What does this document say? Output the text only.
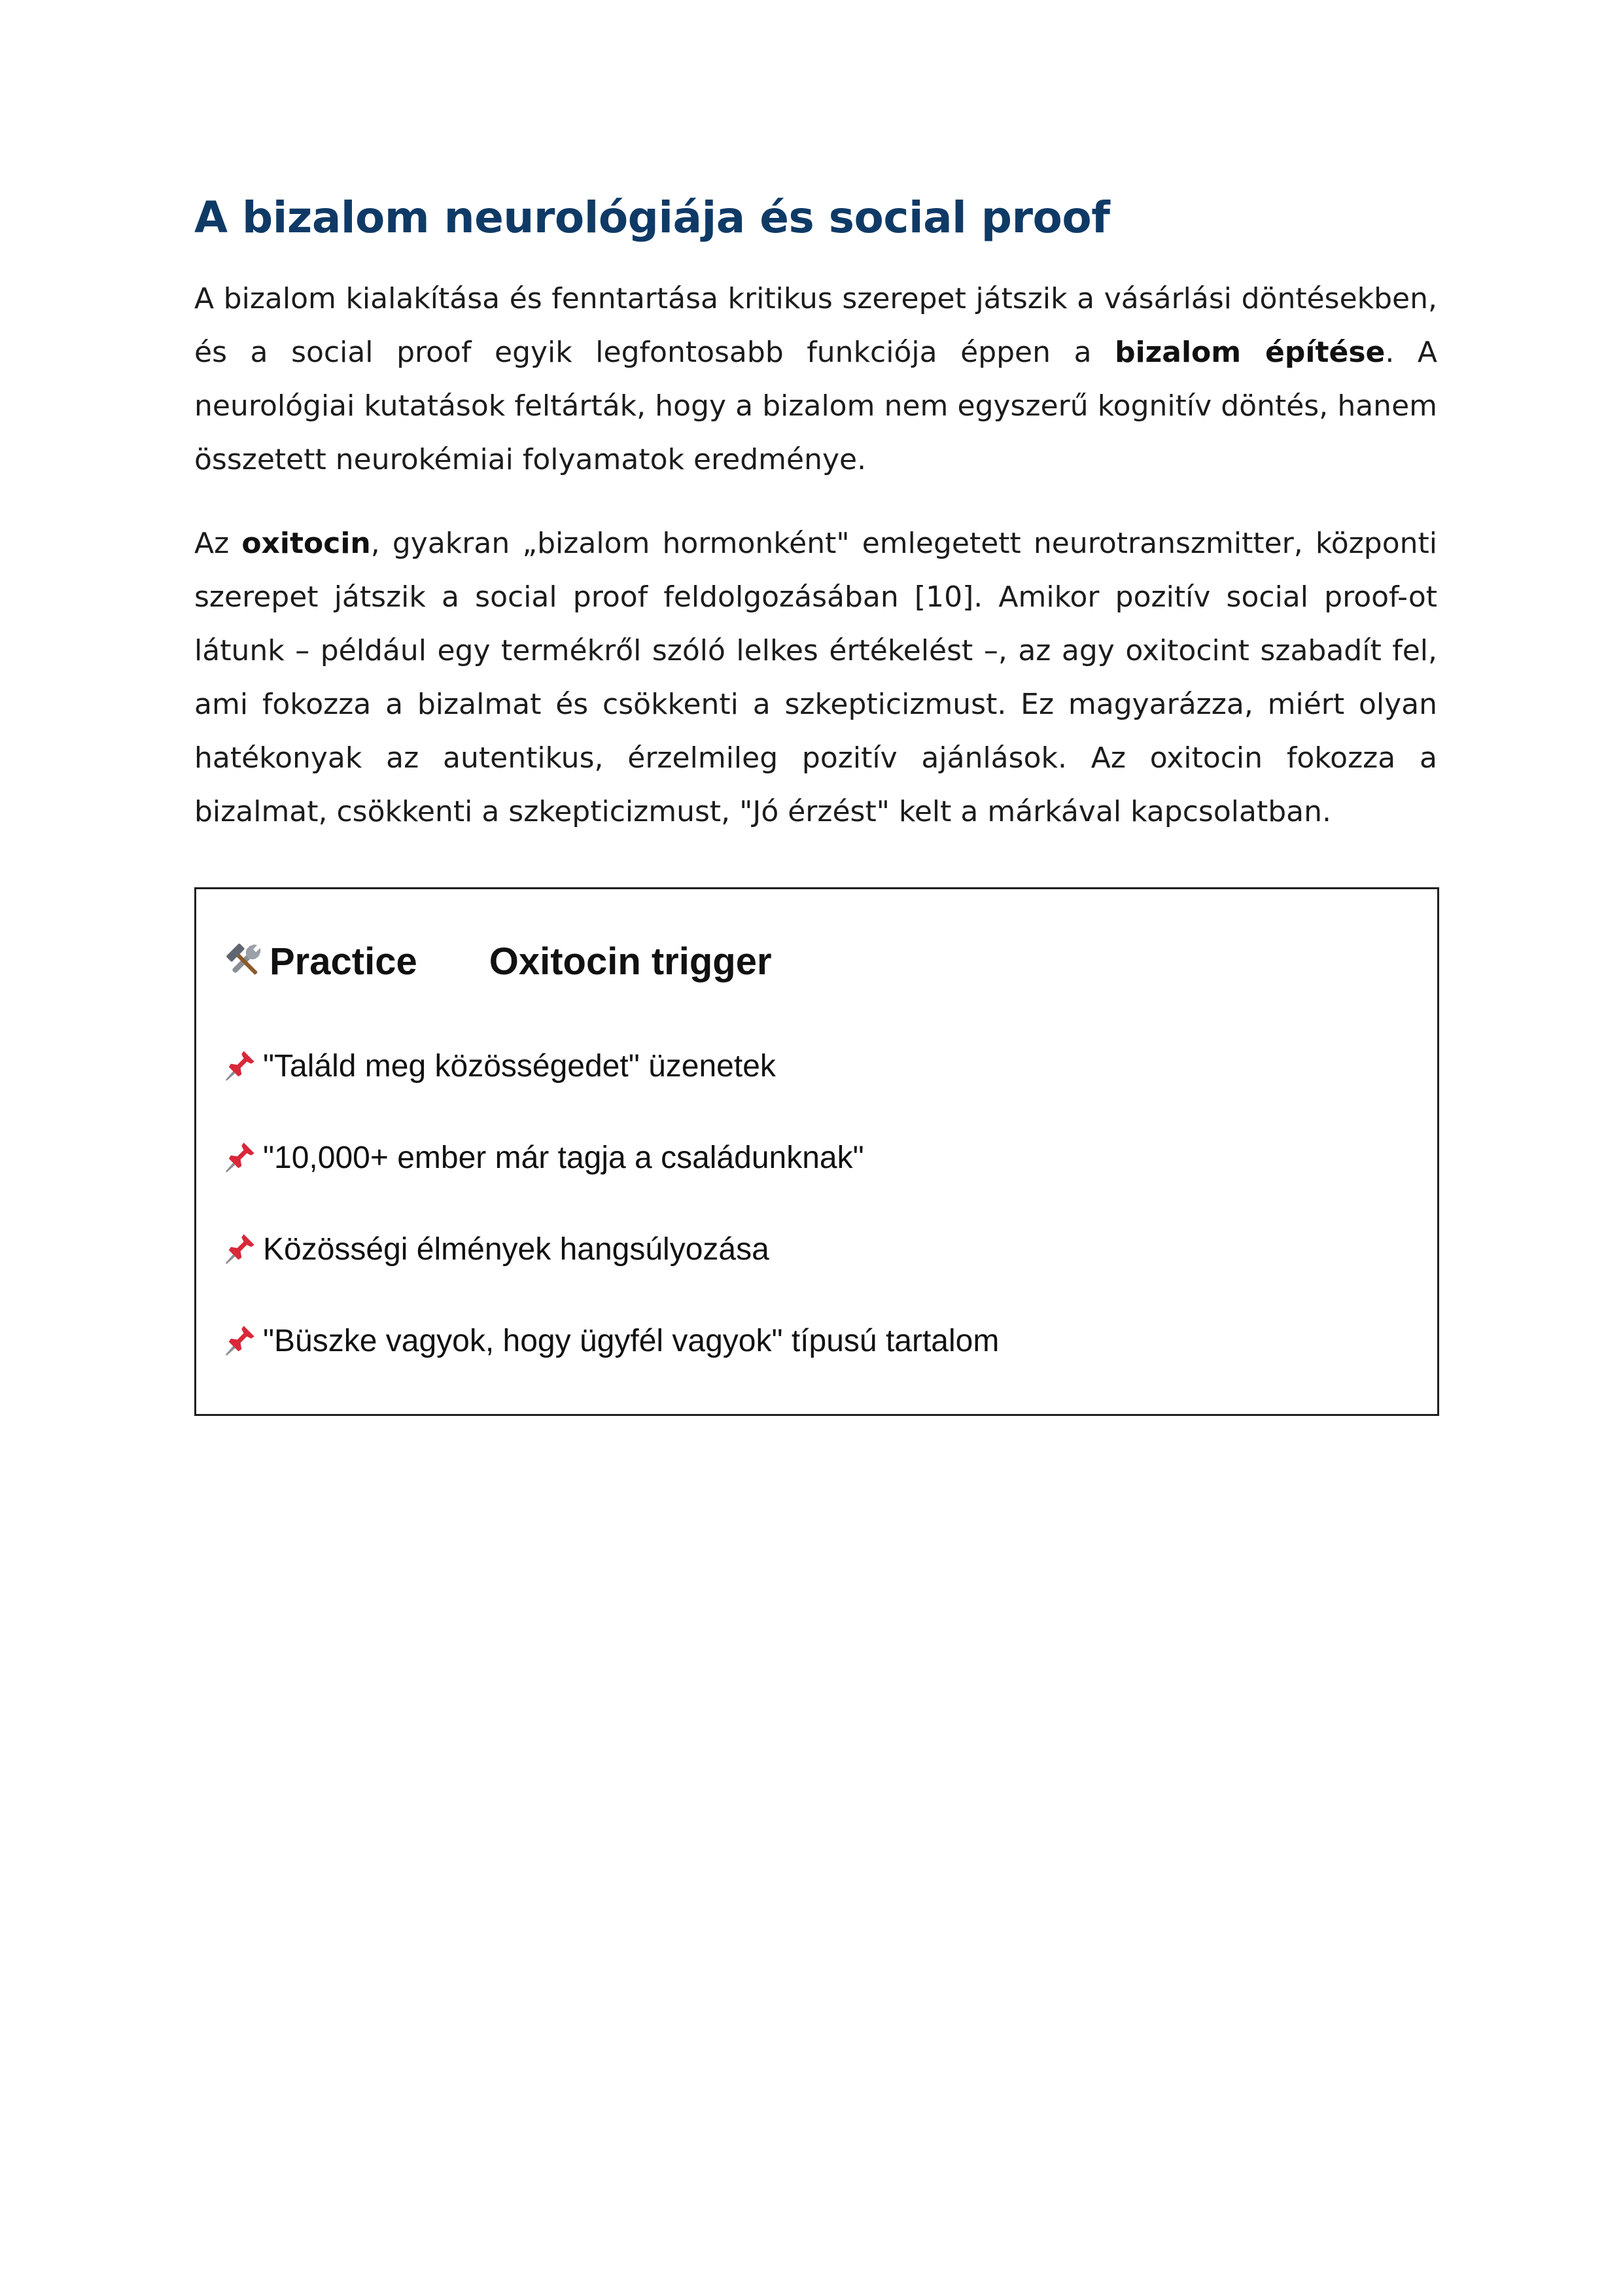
A bizalom neurológiája és social proof

A bizalom kialakítása és fenntartása kritikus szerepet játszik a vásárlási döntésekben, és a social proof egyik legfontosabb funkciója éppen a bizalom építése. A neurológiai kutatások feltárták, hogy a bizalom nem egyszerű kognitív döntés, hanem összetett neurokémiai folyamatok eredménye.

Az oxitocin, gyakran „bizalom hormonként" emlegetett neurotranszmitter, központi szerepet játszik a social proof feldolgozásában [10]. Amikor pozitív social proof-ot látunk – például egy termékről szóló lelkes értékelést –, az agy oxitocint szabadít fel, ami fokozza a bizalmat és csökkenti a szkepticizmust. Ez magyarázza, miért olyan hatékonyak az autentikus, érzelmileg pozitív ajánlások. Az oxitocin fokozza a bizalmat, csökkenti a szkepticizmust, "Jó érzést" kelt a márkával kapcsolatban.

Practice Oxitocin trigger
"Találd meg közösségedet" üzenetek
"10,000+ ember már tagja a családunknak"
Közösségi élmények hangsúlyozása
"Büszke vagyok, hogy ügyfél vagyok" típusú tartalom
